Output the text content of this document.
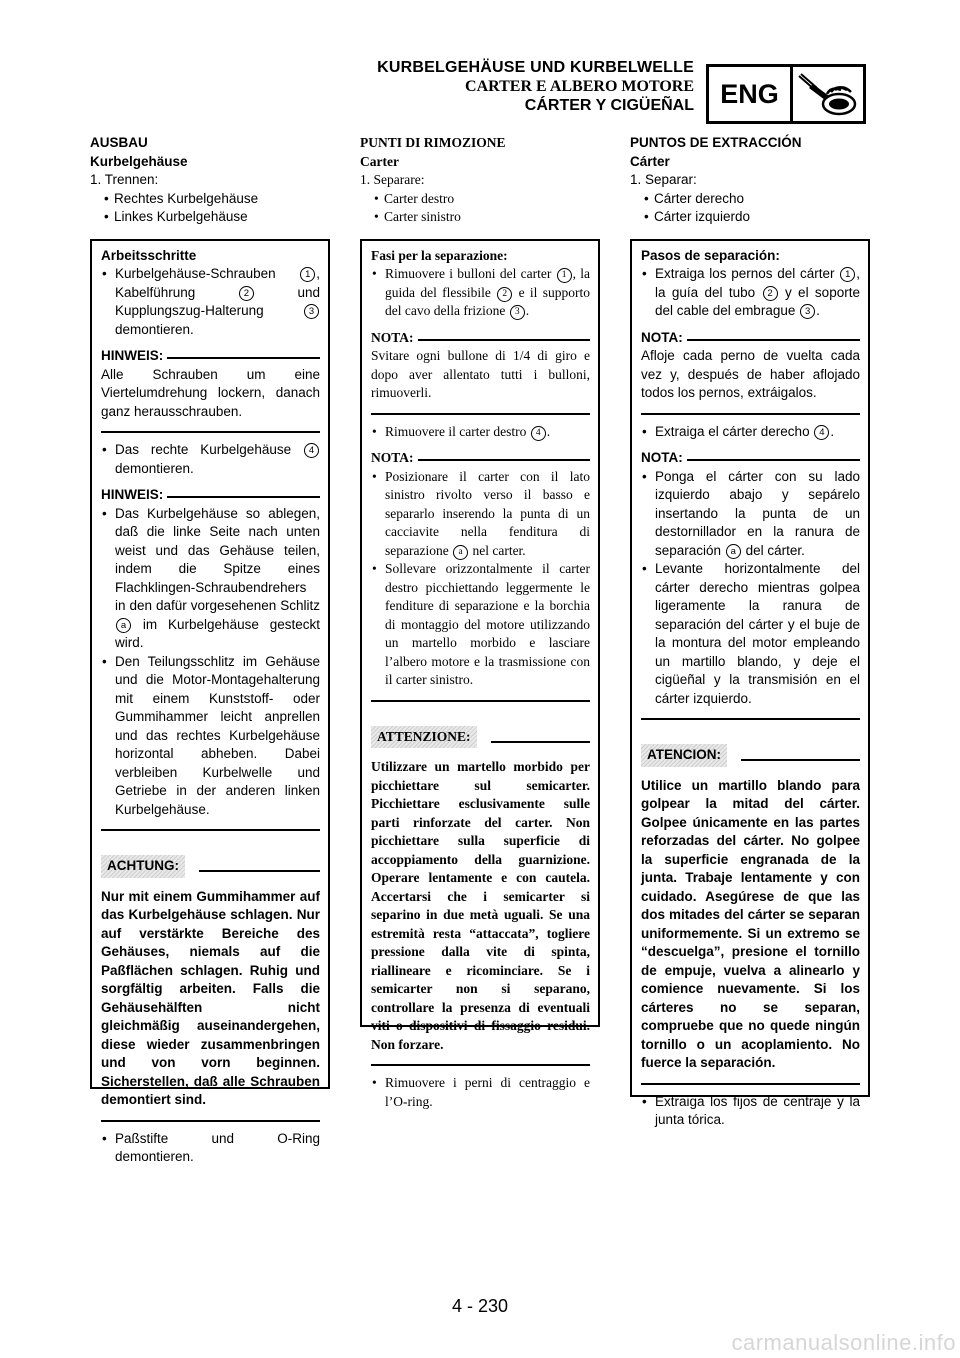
KURBELGEHÄUSE UND KURBELWELLE
CARTER E ALBERO MOTORE
CÁRTER Y CIGÜEÑAL ENG
AUSBAU
Kurbelgehäuse
1. Trennen:
• Rechtes Kurbelgehäuse
• Linkes Kurbelgehäuse
Arbeitsschritte
• Kurbelgehäuse-Schrauben	1 , Kabelführung	2	und Kupplungszug-Halterung	3 demontieren.
HINWEIS:
Alle Schrauben um eine Viertelumdrehung lockern, danach ganz herausschrauben.
• Das rechte Kurbelgehäuse 4 demontieren.
HINWEIS:
• Das Kurbelgehäuse so ablegen, daß die linke Seite nach unten weist und das Gehäuse teilen, indem die Spitze eines Flachklingen-Schraubendrehers in den dafür vorgesehenen Schlitz a im Kurbelgehäuse gesteckt wird.
• Den Teilungsschlitz im Gehäuse und die Motor-Montagehalterung mit einem Kunststoff- oder Gummihammer leicht anprellen und das rechtes Kurbelgehäuse horizontal abheben. Dabei verbleiben Kurbelwelle und Getriebe in der anderen linken Kurbelgehäuse.
ACHTUNG:
Nur mit einem Gummihammer auf das Kurbelgehäuse schlagen. Nur auf verstärkte Bereiche des Gehäuses, niemals auf die Paßflächen schlagen. Ruhig und sorgfältig arbeiten. Falls die Gehäusehälften nicht gleichmäßig auseinandergehen, diese wieder zusammenbringen und von vorn beginnen. Sicherstellen, daß alle Schrauben demontiert sind.
• Paßstifte und O-Ring demontieren.
PUNTI DI RIMOZIONE
Carter
1. Separare:
• Carter destro
• Carter sinistro
Fasi per la separazione:
• Rimuovere i bulloni del carter 1 , la guida del flessibile 2 e il supporto del cavo della frizione 3 .
NOTA:
Svitare ogni bullone di 1/4 di giro e dopo aver allentato tutti i bulloni, rimuoverli.
• Rimuovere il carter destro 4 .
NOTA:
• Posizionare il carter con il lato sinistro rivolto verso il basso e separarlo inserendo la punta di un cacciavite nella fenditura di separazione a nel carter.
• Sollevare orizzontalmente il carter destro picchiettando leggermente le fenditure di separazione e la borchia di montaggio del motore utilizzando un martello morbido e lasciare l’albero motore e la trasmissione con il carter sinistro.
ATTENZIONE:
Utilizzare un martello morbido per picchiettare sul semicarter. Picchiettare esclusivamente sulle parti rinforzate del carter. Non picchiettare sulla superficie di accoppiamento della guarnizione. Operare lentamente e con cautela. Accertarsi che i semicarter si separino in due metà uguali. Se una estremità resta “attaccata”, togliere pressione dalla vite di spinta, riallineare e ricominciare. Se i semicarter non si separano, controllare la presenza di eventuali viti o dispositivi di fissaggio residui. Non forzare.
• Rimuovere i perni di centraggio e l’O-ring.
PUNTOS DE EXTRACCIÓN
Cárter
1. Separar:
• Cárter derecho
• Cárter izquierdo
Pasos de separación:
• Extraiga los pernos del cárter 1 , la guía del tubo 2 y el soporte del cable del embrague 3 .
NOTA:
Afloje cada perno de vuelta cada vez y, después de haber aflojado todos los pernos, extráigalos.
• Extraiga el cárter derecho 4 .
NOTA:
• Ponga el cárter con su lado izquierdo abajo y sepárelo insertando la punta de un destornillador en la ranura de separación a del cárter.
• Levante horizontalmente del cárter derecho mientras golpea ligeramente la ranura de separación del cárter y el buje de la montura del motor empleando un martillo blando, y deje el cigüeñal y la transmisión en el cárter izquierdo.
ATENCION:
Utilice un martillo blando para golpear la mitad del cárter. Golpee únicamente en las partes reforzadas del cárter. No golpee la superficie engranada de la junta. Trabaje lentamente y con cuidado. Asegúrese de que las dos mitades del cárter se separan uniformemente. Si un extremo se “descuelga”, presione el tornillo de empuje, vuelva a alinearlo y comience nuevamente. Si los cárteres no se separan, compruebe que no quede ningún tornillo o un acoplamiento. No fuerce la separación.
• Extraiga los fijos de centraje y la junta tórica.
4 - 230
carmanualsonline.info
